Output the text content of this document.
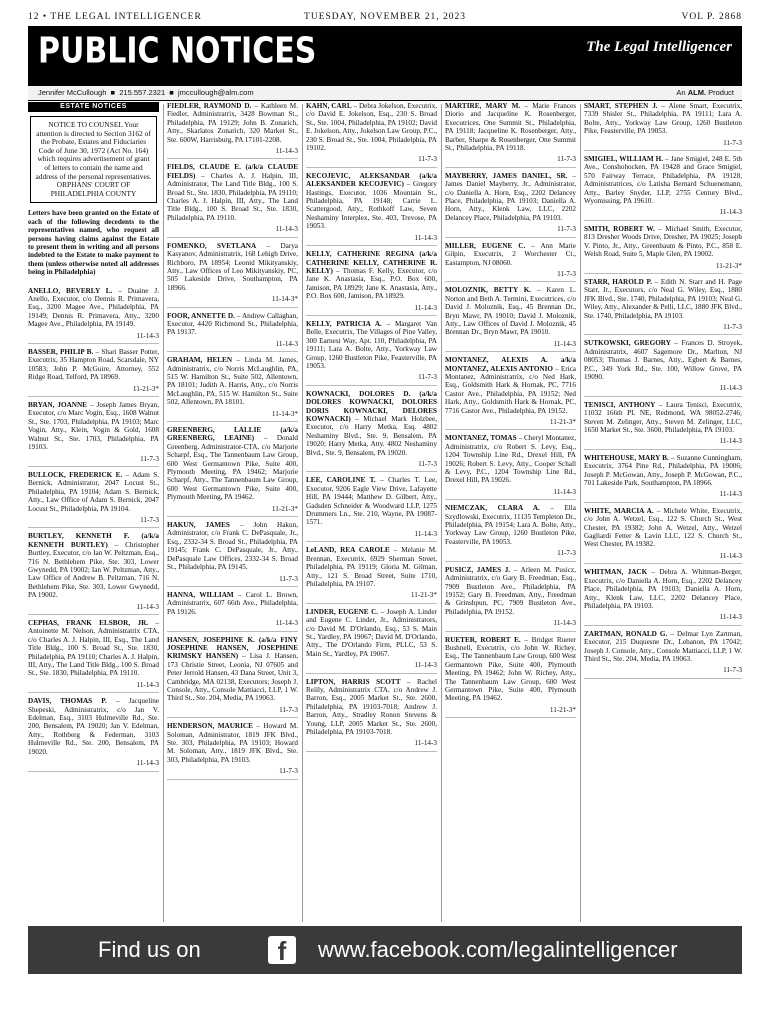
12 • THE LEGAL INTELLIGENCER	TUESDAY, NOVEMBER 21, 2023	VOL P. 2868
PUBLIC NOTICES	The Legal Intelligencer
Jennifer McCullough  ■  215.557.2321  ■  jmccullough@alm.com	An ALM. Product
ESTATE NOTICES
NOTICE TO COUNSEL Your attention is directed to Section 3162 of the Probate, Estates and Fiduciaries Code of June 30, 1972 (Act No. 164) which requires advertisement of grant of letters to contain the name and address of the personal representatives.
ORPHANS' COURT OF PHILADELPHIA COUNTY
Letters have been granted on the Estate of each of the following decedents to the representatives named, who request all persons having claims against the Estate to present them in writing and all persons indebted to the Estate to make payment to them (unless otherwise noted all addresses being in Philadelphia)
ANELLO, BEVERLY L. – Duaine J. Anello, Executor, c/o Dennis R. Primavera, Esq., 3200 Magee Ave., Philadelphia, PA 19149; Dennis R. Primavera, Atty., 3200 Magee Ave., Philadelphia, PA 19149.
11-14-3
BASSER, PHILIP B. – Shari Basser Potter, Executrix, 35 Hampton Road, Scarsdale, NY 10583; John P. McGuire, Attorney, 552 Ridge Road, Telford, PA 18969.
11-21-3*
BRYAN, JOANNE – Joseph James Bryan, Executor, c/o Marc Vogin, Esq., 1608 Walnut St., Ste. 1703, Philadelphia, PA 19103; Marc Vogin, Atty., Klein, Vogin & Gold, 1608 Walnut St., Ste. 1703, Philadelphia, PA 19103.
11-7-3
BULLOCK, FREDERICK E. – Adam S. Bernick, Administrator, 2047 Locust St., Philadelphia, PA 19104; Adam S. Bernick, Atty., Law Office of Adam S. Bernick, 2047 Locust St., Philadelphia, PA 19104.
11-7-3
BURTLEY, KENNETH F. (a/k/a KENNETH BURTLEY) – Christopher Burtley, Executor, c/o Ian W. Peltzman, Esq., 716 N. Bethlehem Pike, Ste. 303, Lower Gwynedd, PA 19002; Ian W. Peltzman, Atty., Law Office of Andrew B. Peltzman, 716 N. Bethlehem Pike, Ste. 303, Lower Gwynedd, PA 19002.
11-14-3
CEPHAS, FRANK ELSBOR, JR. – Antoinette M. Nelson, Administratrix CTA, c/o Charles A. J. Halpin, III, Esq., The Land Title Bldg., 100 S. Broad St., Ste. 1830, Philadelphia, PA 19110; Charles A. J. Halpin, III, Atty., The Land Title Bldg., 100 S. Broad St., Ste. 1830, Philadelphia, PA 19110.
11-14-3
DAVIS, THOMAS P. – Jacqueline Shepeski, Administratrix, c/o Jan V. Edelman, Esq., 3103 Hulmeville Rd., Ste. 200, Bensalem, PA 19020; Jan V. Edelman, Atty., Rothberg & Federman, 3103 Hulmeville Rd., Ste. 200, Bensalem, PA 19020.
11-14-3
FIEDLER, RAYMOND D. – Kathleen M. Fiedler, Administratrix, 3428 Bowman St., Philadelphia, PA 19129; John B. Zonarich, Atty., Skarlatos Zonarich, 320 Market St., Ste. 600W, Harrisburg, PA 17101-2208.
11-14-3
FIELDS, CLAUDE E. (a/k/a CLAUDE FIELDS) – Charles A. J. Halpin, III, Administrator, The Land Title Bldg., 100 S. Broad St., Ste. 1830, Philadelphia, PA 19110; Charles A. J. Halpin, III, Atty., The Land Title Bldg., 100 S. Broad St., Ste. 1830, Philadelphia, PA 19110.
11-14-3
FOMENKO, SVETLANA – Darya Kasyanov, Administratrix, 168 Lehigh Drive, Richboro, PA 18954; Leonid Mikityanskiy, Atty., Law Offices of Leo Mikityanskiy, PC, 505 Lakeside Drive, Southampton, PA 18966.
11-14-3*
FOOR, ANNETTE D. – Andrew Callaghan, Executor, 4420 Richmond St., Philadelphia, PA 19137.
11-14-3
GRAHAM, HELEN – Linda M. James, Administratrix, c/o Norris McLaughlin, PA, 515 W. Hamilton St., Suite 502, Allentown, PA 18101; Judith A. Harris, Atty., c/o Norris McLaughlin, PA, 515 W. Hamilton St., Suite 502, Allentown, PA 18101.
11-14-3*
GREENBERG, LALLIE (a/k/a GREENBERG, LEAINE) – Donald Greenberg, Administrator-CTA, c/o Marjorie Scharpf, Esq., The Tannenbaum Law Group, 600 West Germantown Pike, Suite 400, Plymouth Meeting, PA 19462; Marjorie Scharpf, Atty., The Tannenbaum Law Group, 600 West Germantown Pike, Suite 400, Plymouth Meeting, PA 19462.
11-21-3*
HAKUN, JAMES – John Hakun, Administrator, c/o Frank C. DePasquale, Jr., Esq., 2332-34 S. Broad St., Philadelphia, PA 19145; Frank C. DePasquale, Jr., Atty., DePasquale Law Offices, 2332-34 S. Broad St., Philadelphia, PA 19145.
11-7-3
HANNA, WILLIAM – Carol L. Brown, Administratrix, 607 66th Ave., Philadelphia, PA 19126.
11-14-3
HANSEN, JOSEPHINE K. (a/k/a FINY JOSEPHINE HANSEN, JOSEPHINE KRIMSKY HANSEN) – Lisa J. Hansen, 173 Christie Street, Leonia, NJ 07605 and Peter Jerrold Hansen, 43 Dana Street, Unit 3, Cambridge, MA 02138, Executors; Joseph J. Console, Atty., Console Mattiacci, LLP, 1 W. Third St., Ste. 204, Media, PA 19063.
11-7-3
HENDERSON, MAURICE – Howard M. Soloman, Administrator, 1819 JFK Blvd., Ste. 303, Philadelphia, PA 19103; Howard M. Soloman, Atty., 1819 JFK Blvd., Ste. 303, Philadelphia, PA 19103.
11-7-3
KAHN, CARL – Debra Jokelson, Executrix, c/o David E. Jokelson, Esq., 230 S. Broad St., Ste. 1004, Philadelphia, PA 19102; David E. Jokelson, Atty., Jokelson Law Group, P.C., 230 S. Broad St., Ste. 1004, Philadelphia, PA 19102.
11-7-3
KECOJEVIC, ALEKSANDAR (a/k/a ALEKSANDER KECOJEVIC) – Gregory Hastings, Executor, 1036 Mountain St., Philadelphia, PA 19148; Carrie L. Scattergood, Atty., Rothkoff Law, Seven Neshaminy Interplex, Ste. 403, Trevose, PA 19053.
11-14-3
KELLY, CATHERINE REGINA (a/k/a CATHERINE KELLY, CATHERINE R. KELLY) – Thomas F. Kelly, Executor, c/o Jane K. Anastasia, Esq., P.O. Box 600, Jamison, PA 18929; Jane K. Anastasia, Atty., P.O. Box 600, Jamison, PA 18929.
11-14-3
KELLY, PATRICIA A. – Margaret Van Belle, Executrix, The Villages of Pine Valley, 300 Earnest Way, Apt. 110, Philadelphia, PA 19111; Lara A. Bolte, Atty., Yorkway Law Group, 1260 Bustleton Pike, Feasterville, PA 19053.
11-7-3
KOWNACKI, DOLORES D. (a/k/a DOLORES KOWNACKI, DOLORES DORIS KOWNACKI, DELORES KOWNACKI) – Michael Mark Holzbee, Executor, c/o Harry Metka, Esq. 4802 Neshaminy Blvd., Ste. 9, Bensalem, PA 19020; Harry Metka, Atty. 4802 Neshaminy Blvd., Ste. 9, Bensalem, PA 19020.
11-7-3
LEE, CAROLINE T. – Charles T. Lee, Executor, 9206 Eagle View Drive, Lafayette Hill, PA 19444; Matthew D. Gilbert, Atty., Gadsden Schneider & Woodward LLP, 1275 Drummers Ln., Ste. 210, Wayne, PA 19087-1571.
11-14-3
LeLAND, REA CAROLE – Melanie M. Brennan, Executrix, 6929 Sherman Street, Philadelphia, PA 19119; Gloria M. Gilman, Atty., 121 S. Broad Street, Suite 1710, Philadelphia, PA 19107.
11-21-3*
LINDER, EUGENE C. – Joseph A. Linder and Eugene C. Linder, Jr., Administrators, c/o David M. D'Orlando, Esq., 53 S. Main St., Yardley, PA 19067; David M. D'Orlando, Atty., The D'Orlando Firm, PLLC, 53 S. Main St., Yardley, PA 19067.
11-14-3
LIPTON, HARRIS SCOTT – Rachel Reilly, Administratrix CTA, c/o Andrew J. Barron, Esq., 2005 Market St., Ste. 2600, Philadelphia, PA 19103-7018; Andrew J. Barron, Atty., Stradley Ronon Stevens & Young, LLP, 2005 Market St., Ste. 2600, Philadelphia, PA 19103-7018.
11-14-3
MARTIRE, MARY M. – Marie Frances Diorio and Jacqueline K. Rosenberger, Executrices, One Summit St., Philadelphia, PA 19118; Jacqueline K. Rosenberger, Atty., Barber, Sharpe & Rosenberger, One Summit St., Philadelphia, PA 19118.
11-7-3
MAYBERRY, JAMES DANIEL, SR. – James Daniel Mayberry, Jr., Administrator, c/o Daniella A. Horn, Esq., 2202 Delancey Place, Philadelphia, PA 19103; Daniella A. Horn, Atty., Klenk Law, LLC, 2202 Delancey Place, Philadelphia, PA 19103.
11-7-3
MILLER, EUGENE C. – Ann Marie Gilpin, Executrix, 2 Worchester Ct., Eastampton, NJ 08060.
11-7-3
MOLOZNIK, BETTY K. – Karen L. Norton and Beth A. Termini, Executrices, c/o David J. Moloznik, Esq., 45 Brennan Dr., Bryn Mawr, PA 19010; David J. Moloznik, Atty., Law Offices of David J. Moloznik, 45 Brennan Dr., Bryn Mawr, PA 19010.
11-14-3
MONTANEZ, ALEXIS A. a/k/a MONTANEZ, ALEXIS ANTONIO – Erica Montanez, Administratrix, c/o Ned Hark, Esq., Goldsmith Hark & Hornak, PC, 7716 Castor Ave., Philadelphia, PA 19152; Ned Hark, Atty., Goldsmith Hark & Hornak, PC, 7716 Castor Ave., Philadelphia, PA 19152.
11-21-3*
MONTANEZ, TOMAS – Cheryl Montanez, Administratrix, c/o Robert S. Levy, Esq., 1204 Township Line Rd., Drexel Hill, PA 19026; Robert S. Levy, Atty., Cooper Schall & Levy, P.C., 1204 Township Line Rd., Drexel Hill, PA 19026.
11-14-3
NIEMCZAK, CLARA A. – Ella Szydlowski, Executrix, 11135 Templeton Dr., Philadelphia, PA 19154; Lara A. Bolte, Atty., Yorkway Law Group, 1260 Bustleton Pike, Feasterville, PA 19053.
11-7-3
PUSICZ, JAMES J. – Arleen M. Pusicz, Administratrix, c/o Gary B. Freedman, Esq., 7909 Bustleton Ave., Philadelphia, PA 19152; Gary B. Freedman, Atty., Freedman & Grinshpun, PC, 7909 Bustleton Ave., Philadelphia, PA 19152.
11-14-3
RUETER, ROBERT E. – Bridget Rueter Bushnell, Executrix, c/o John W. Richey, Esq., The Tannenbaum Law Group, 600 West Germantown Pike, Suite 400, Plymouth Meeting, PA 19462; John W. Richey, Atty., The Tannenbaum Law Group, 600 West Germantown Pike, Suite 400, Plymouth Meeting, PA 19462.
11-21-3*
SMART, STEPHEN J. – Alene Smart, Executrix, 7339 Shisler St., Philadelphia, PA 19111; Lara A. Bolte, Atty., Yorkway Law Group, 1260 Bustleton Pike, Feasterville, PA 19053.
11-7-3
SMIGIEL, WILLIAM H. – Jane Smigiel, 248 E. 5th Ave., Conshohocken, PA 19428 and Grace Smigiel, 570 Fairway Terrace, Philadelphia, PA 19128, Administratrices, c/o Latisha Bernard Schuenemann, Atty., Barley Snyder, LLP, 2755 Century Blvd., Wyomissing, PA 19610.
11-14-3
SMITH, ROBERT W. – Michael Smith, Executor, 813 Dresher Woods Drive, Dresher, PA 19025; Joseph V. Pinto, Jr., Atty., Greenbaum & Pinto, P.C., 858 E. Welsh Road, Suite 5, Maple Glen, PA 19002.
11-21-3*
STARR, HAROLD P. – Edith N. Starr and H. Page Starr, Jr., Executors, c/o Neal G. Wiley, Esq., 1880 JFK Blvd., Ste. 1740, Philadelphia, PA 19103; Neal G. Wiley, Atty., Alexander & Pelli, LLC, 1880 JFK Blvd., Ste. 1740, Philadelphia, PA 19103.
11-7-3
SUTKOWSKI, GREGORY – Frances D. Stroyek, Administratrix, 4607 Sagemore Dr., Marlton, NJ 08053; Thomas J. Barnes, Atty., Egbert & Barnes, P.C., 349 York Rd., Ste. 100, Willow Grove, PA 19090.
11-14-3
TENISCI, ANTHONY – Laura Tenisci, Executrix, 11032 166th PL NE, Redmond, WA 98052-2746; Steven M. Zelinger, Atty., Steven M. Zelinger, LLC, 1650 Market St., Ste. 3600, Philadelphia, PA 19103.
11-14-3
WHITEHOUSE, MARY B. – Suzanne Cunningham, Executrix, 3764 Pine Rd., Philadelphia, PA 19006; Joseph P. McGowan, Atty., Joseph P. McGowan, P.C., 701 Lakeside Park, Southampton, PA 18966.
11-14-3
WHITE, MARCIA A. – Michele White, Executrix, c/o John A. Wetzel, Esq., 122 S. Church St., West Chester, PA 19382; John A. Wetzel, Atty., Wetzel Gagliardi Fetter & Lavin LLC, 122 S. Church St., West Chester, PA 19382.
11-14-3
WHITMAN, JACK – Debra A. Whitman-Berger, Executrix, c/o Daniella A. Horn, Esq., 2202 Delancey Place, Philadelphia, PA 19103; Daniella A. Horn, Atty., Klenk Law, LLC, 2202 Delancey Place, Philadelphia, PA 19103.
11-14-3
ZARTMAN, RONALD G. – Delmar Lyn Zartman, Executor, 215 Duquesne Dr., Lebanon, PA 17042; Joseph J. Console, Atty., Console Mattiacci, LLP, 1 W. Third St., Ste. 204, Media, PA 19063.
11-7-3
Find us on	f	www.facebook.com/legalintelligencer
